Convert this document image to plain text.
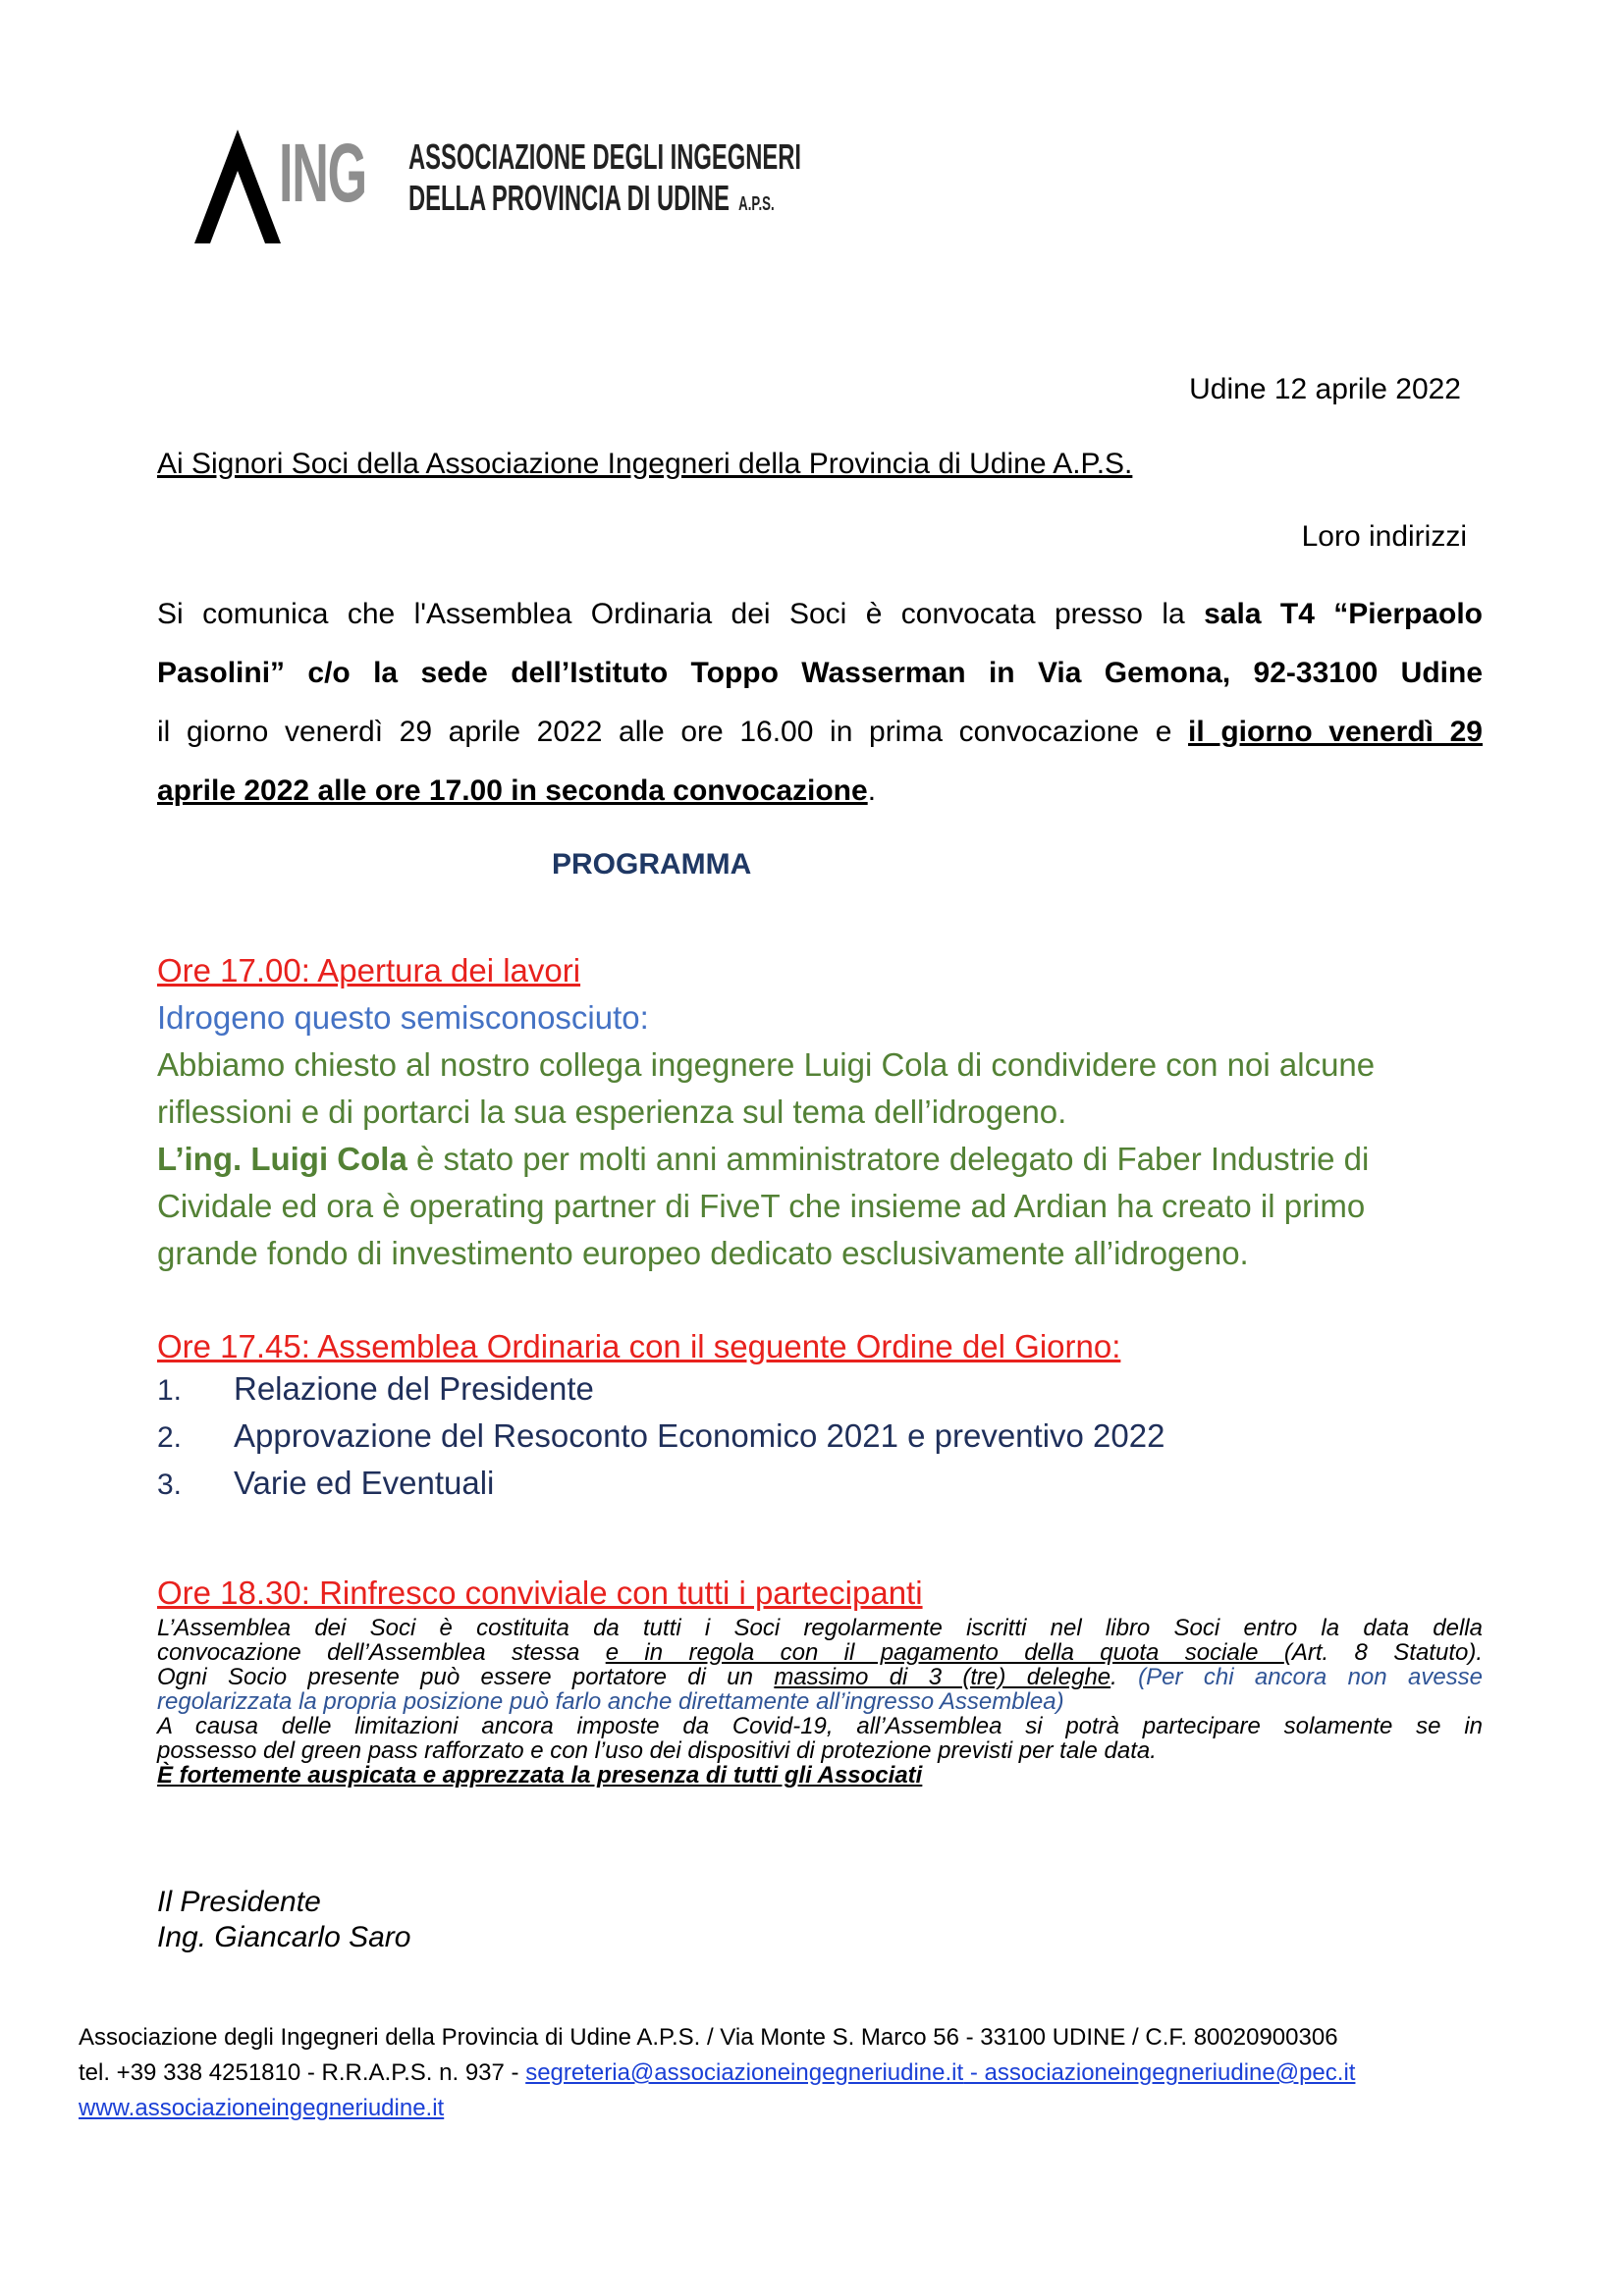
ING ASSOCIAZIONE DEGLI INGEGNERI
DELLA PROVINCIA DI UDINE A.P.S.
Udine 12 aprile 2022
Ai Signori Soci della Associazione Ingegneri della Provincia di Udine A.P.S.
Loro indirizzi
Si comunica che l'Assemblea Ordinaria dei Soci è convocata presso la sala T4 “Pierpaolo
Pasolini” c/o la sede dell’Istituto Toppo Wasserman in Via Gemona, 92-33100 Udine
il giorno venerdì 29 aprile 2022 alle ore 16.00 in prima convocazione e il giorno venerdì 29
aprile 2022 alle ore 17.00 in seconda convocazione.
PROGRAMMA
Ore 17.00: Apertura dei lavori
Idrogeno questo semisconosciuto:
Abbiamo chiesto al nostro collega ingegnere Luigi Cola di condividere con noi alcune
riflessioni e di portarci la sua esperienza sul tema dell’idrogeno.
L’ing. Luigi Cola è stato per molti anni amministratore delegato di Faber Industrie di
Cividale ed ora è operating partner di FiveT che insieme ad Ardian ha creato il primo
grande fondo di investimento europeo dedicato esclusivamente all’idrogeno.
Ore 17.45: Assemblea Ordinaria con il seguente Ordine del Giorno:
1. Relazione del Presidente
2. Approvazione del Resoconto Economico 2021 e preventivo 2022
3. Varie ed Eventuali
Ore 18.30: Rinfresco conviviale con tutti i partecipanti
L’Assemblea dei Soci è costituita da tutti i Soci regolarmente iscritti nel libro Soci entro la data della
convocazione dell’Assemblea stessa e in regola con il pagamento della quota sociale (Art. 8 Statuto).
Ogni Socio presente può essere portatore di un massimo di 3 (tre) deleghe. (Per chi ancora non avesse
regolarizzata la propria posizione può farlo anche direttamente all’ingresso Assemblea)
A causa delle limitazioni ancora imposte da Covid-19, all’Assemblea si potrà partecipare solamente se in
possesso del green pass rafforzato e con l’uso dei dispositivi di protezione previsti per tale data.
È fortemente auspicata e apprezzata la presenza di tutti gli Associati
Il Presidente
Ing. Giancarlo Saro
Associazione degli Ingegneri della Provincia di Udine A.P.S. / Via Monte S. Marco 56 - 33100 UDINE / C.F. 80020900306
tel. +39 338 4251810 - R.R.A.P.S. n. 937 - segreteria@associazioneingegneriudine.it - associazioneingegneriudine@pec.it
www.associazioneingegneriudine.it
